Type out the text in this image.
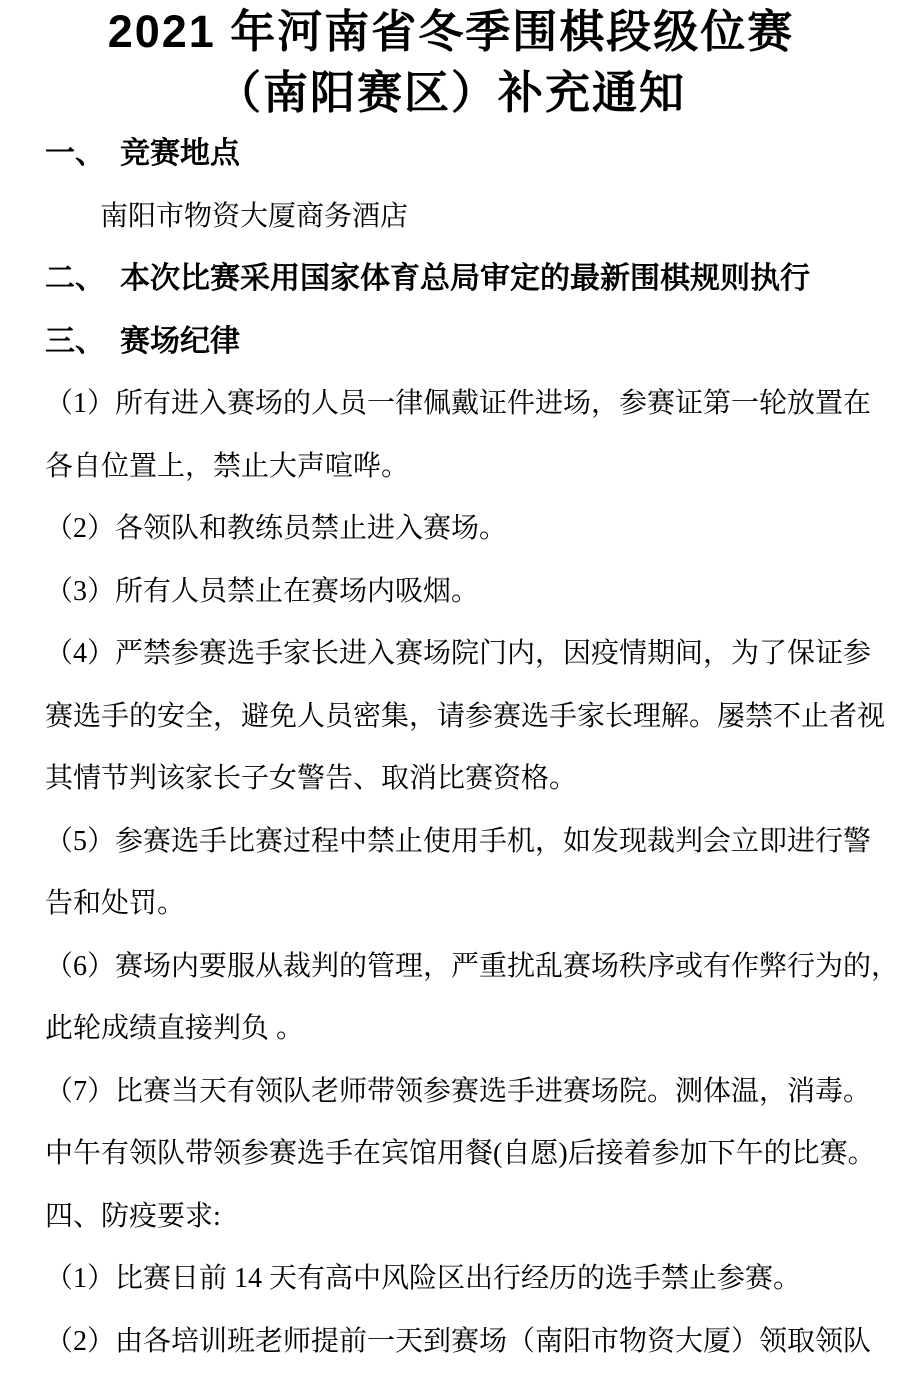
2021 年河南省冬季围棋段级位赛

（南阳赛区）补充通知

一、　竞赛地点

南阳市物资大厦商务酒店

二、　本次比赛采用国家体育总局审定的最新围棋规则执行

三、　赛场纪律

（1）所有进入赛场的人员一律佩戴证件进场，参赛证第一轮放置在

各自位置上，禁止大声喧哗。

（2）各领队和教练员禁止进入赛场。

（3）所有人员禁止在赛场内吸烟。

（4）严禁参赛选手家长进入赛场院门内，因疫情期间，为了保证参

赛选手的安全，避免人员密集，请参赛选手家长理解。屡禁不止者视

其情节判该家长子女警告、取消比赛资格。

（5）参赛选手比赛过程中禁止使用手机，如发现裁判会立即进行警

告和处罚。

（6）赛场内要服从裁判的管理，严重扰乱赛场秩序或有作弊行为的，

此轮成绩直接判负 。

（7）比赛当天有领队老师带领参赛选手进赛场院。测体温，消毒。

中午有领队带领参赛选手在宾馆用餐(自愿)后接着参加下午的比赛。

四、防疫要求:

（1）比赛日前 14 天有高中风险区出行经历的选手禁止参赛。

（2）由各培训班老师提前一天到赛场（南阳市物资大厦）领取领队
